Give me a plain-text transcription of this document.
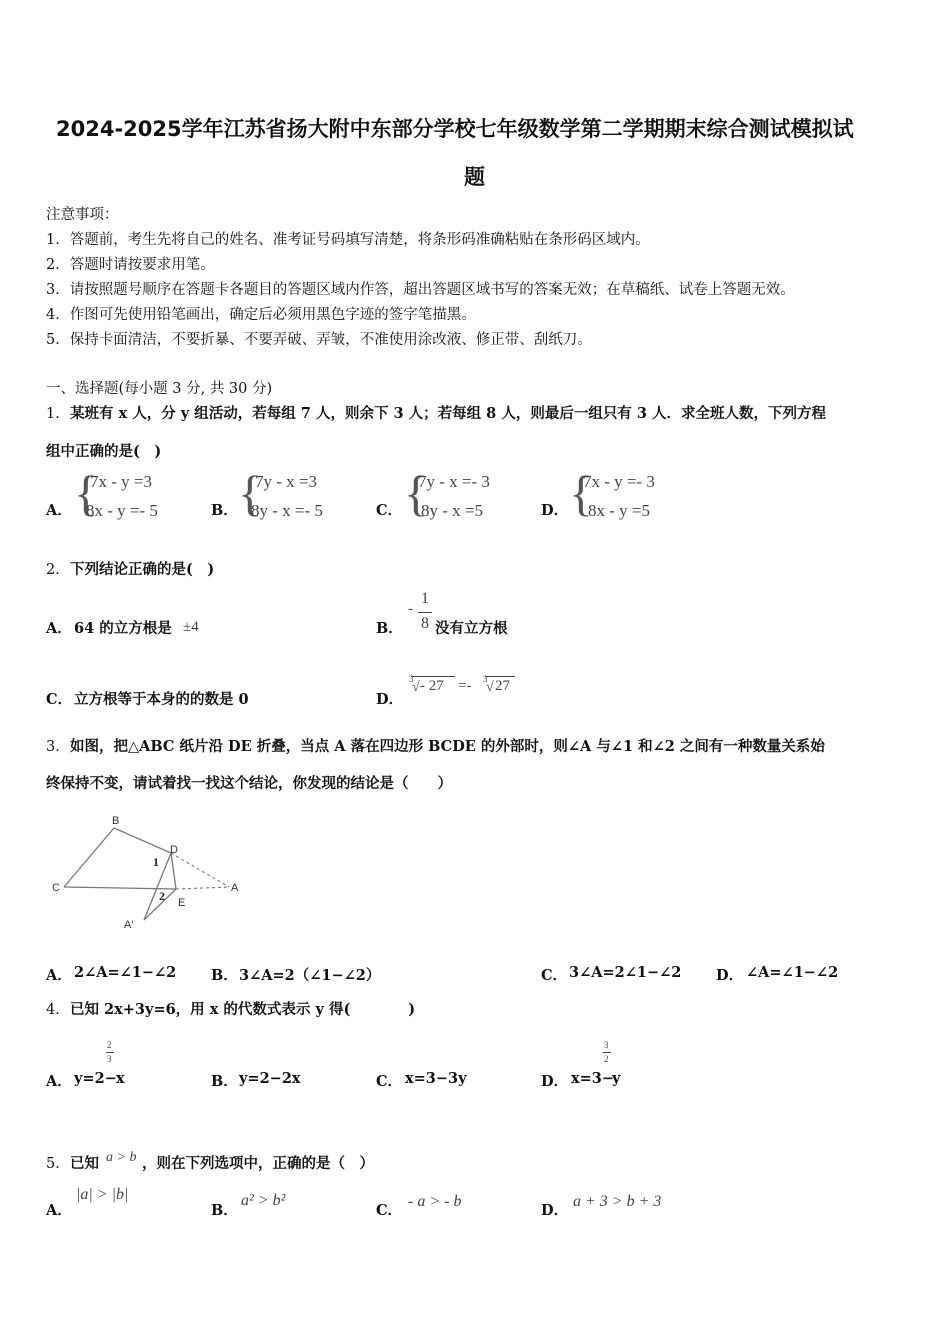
2024-2025学年江苏省扬大附中东部分学校七年级数学第二学期期末综合测试模拟试
题
注意事项：
1．答题前，考生先将自己的姓名、准考证号码填写清楚，将条形码准确粘贴在条形码区域内。
2．答题时请按要求用笔。
3．请按照题号顺序在答题卡各题目的答题区域内作答，超出答题区域书写的答案无效；在草稿纸、试卷上答题无效。
4．作图可先使用铅笔画出，确定后必须用黑色字迹的签字笔描黑。
5．保持卡面清洁，不要折暴、不要弄破、弄皱，不准使用涂改液、修正带、刮纸刀。
一、选择题(每小题 3 分, 共 30 分)
1． 某班有 x 人，分 y 组活动，若每组 7 人，则余下 3 人；若每组 8 人，则最后一组只有 3 人．求全班人数，下列方程
组中正确的是(　)
A． {
7x - y =3
8x - y =- 5	B． {
7y - x =3
8y - x =- 5	C． {
7y - x =- 3
8y - x =5	D． {
7x - y =- 3
8x - y =5
2． 下列结论正确的是(　)
A． 64 的立方根是 ±4	B．
-
1
8 没有立方根
C． 立方根等于本身的的数是 0	D．
3
√ - 27 =- 3
√ 27
3． 如图，把△ABC 纸片沿 DE 折叠，当点 A 落在四边形 BCDE 的外部时，则∠A 与∠1 和∠2 之间有一种数量关系始
终保持不变，请试着找一找这个结论，你发现的结论是（　　）
B
C
D
A
E
A′
1
2
A． 2∠A=∠1−∠2 B． 3∠A=2（∠1−∠2）	C． 3∠A=2∠1−∠2 D． ∠A=∠1−∠2
4． 已知 2x+3y=6，用 x 的代数式表示 y 得(　　　　)
A． y=2−
2
3
x	B． y=2−2x	C． x=3−3y	D． x=3−
3
2
y
5． 已知 a > b ，则在下列选项中，正确的是（　）
A．
|a| > |b|
B．
a² > b²
C．
- a > - b
D．
a + 3 > b + 3
